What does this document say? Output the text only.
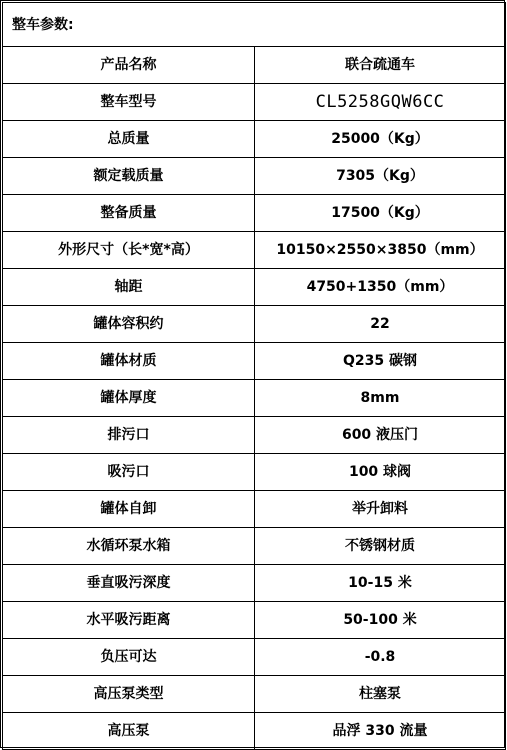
整车参数:	
产品名称	联合疏通车
整车型号	CL5258GQW6CC
总质量	25000（Kg）
额定载质量	7305（Kg）
整备质量	17500（Kg）
外形尺寸（长*宽*高）	10150×2550×3850（mm）
轴距	4750+1350（mm）
罐体容积约	22
罐体材质	Q235 碳钢
罐体厚度	8mm
排污口	600 液压门
吸污口	100 球阀
罐体自卸	举升卸料
水循环泵水箱	不锈钢材质
垂直吸污深度	10-15 米
水平吸污距离	50-100 米
负压可达	-0.8
高压泵类型	柱塞泵
高压泵	品浮 330 流量
